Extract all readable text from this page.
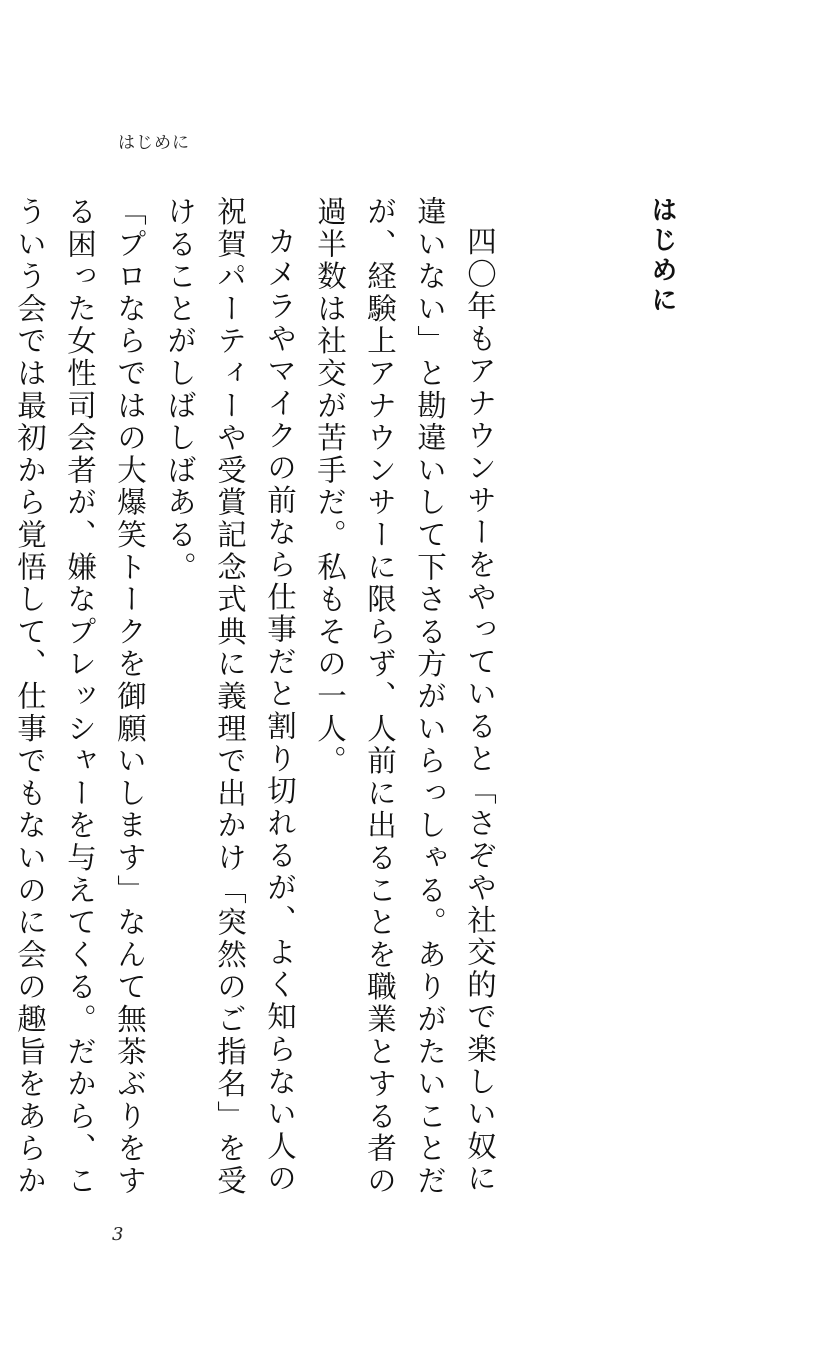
はじめに
はじめに

四〇年もアナウンサーをやっていると「さぞや社交的で楽しい奴に違いない」と勘違いして下さる方がいらっしゃる。ありがたいことだが、経験上アナウンサーに限らず、人前に出ることを職業とする者の過半数は社交が苦手だ。私もその一人。

カメラやマイクの前なら仕事だと割り切れるが、よく知らない人の祝賀パーティーや受賞記念式典に義理で出かけ「突然のご指名」を受けることがしばしばある。

「プロならではの大爆笑トークを御願いします」なんて無茶ぶりをする困った女性司会者が、嫌なプレッシャーを与えてくる。だから、こういう会では最初から覚悟して、仕事でもないのに会の趣旨をあらか

3
